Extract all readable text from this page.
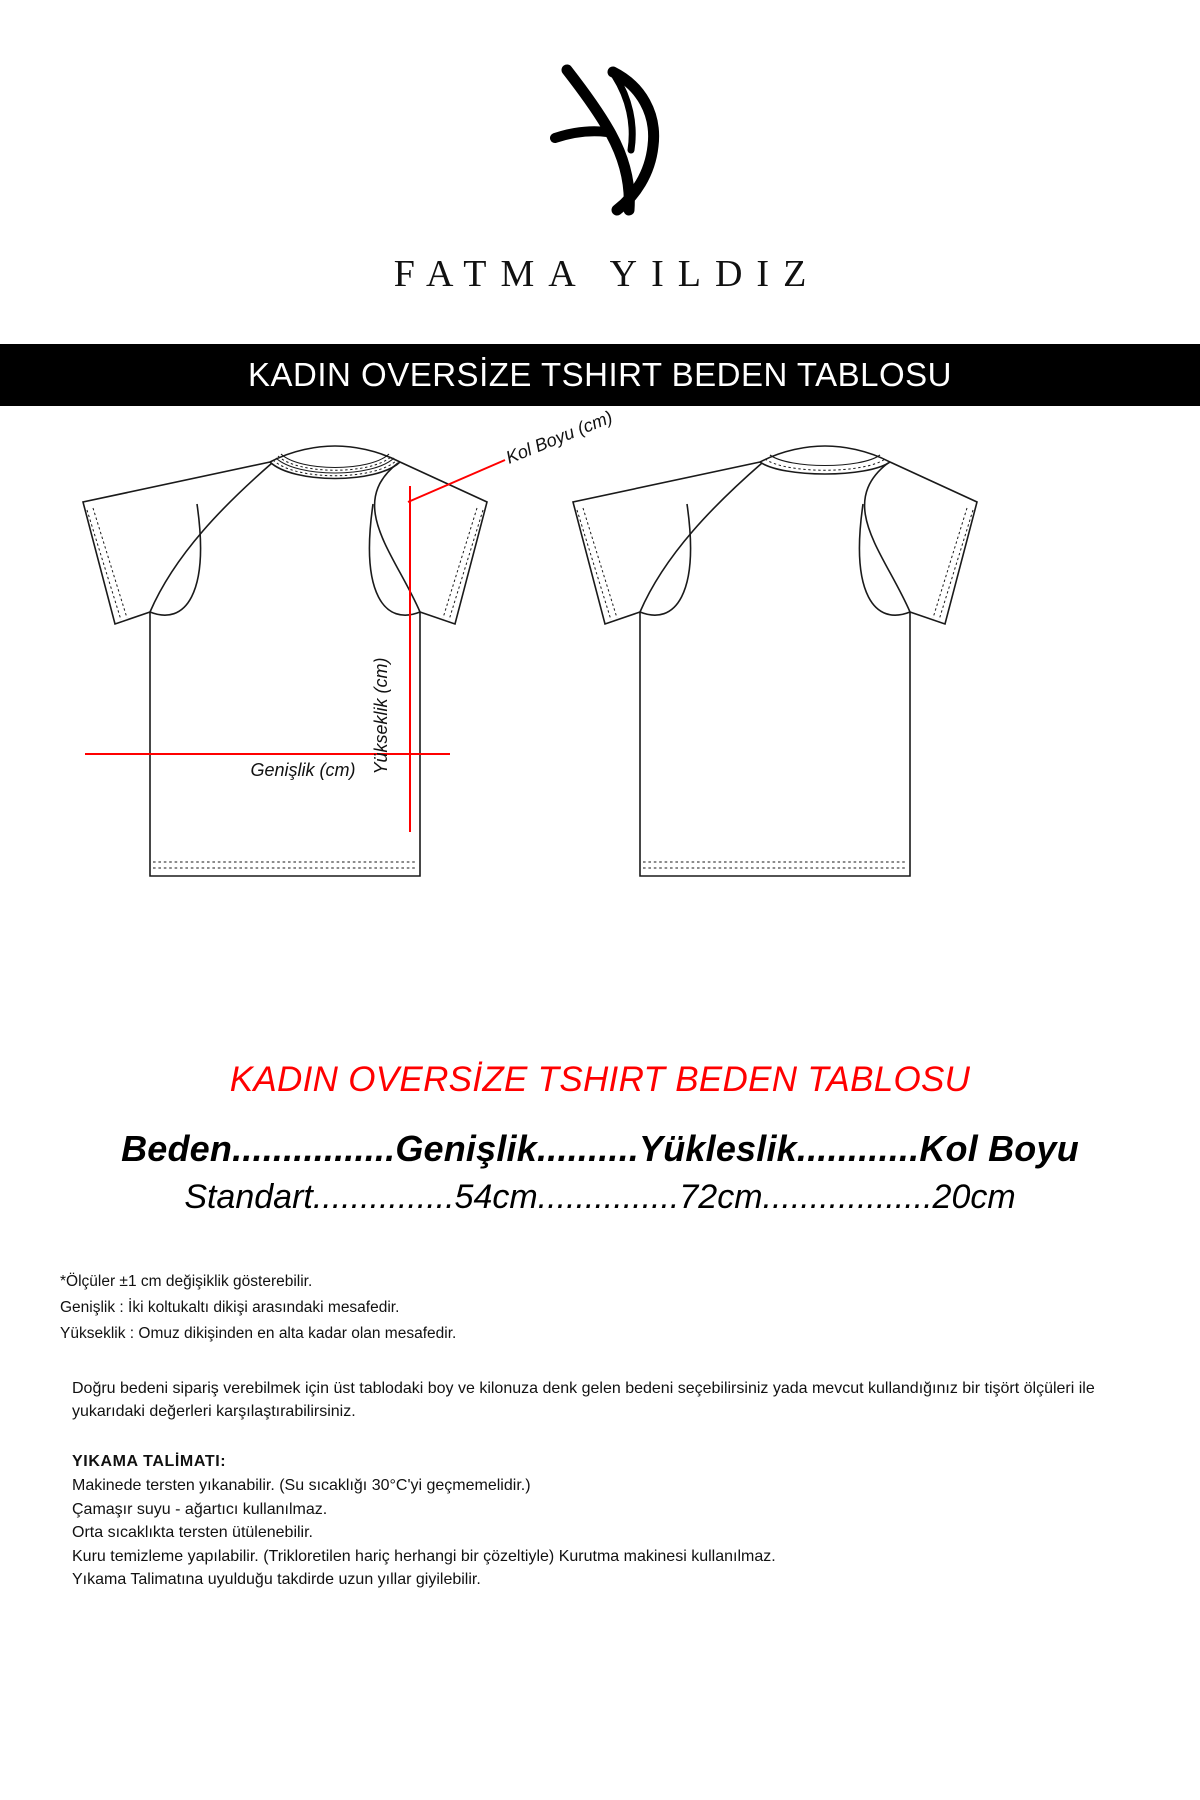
FATMA YILDIZ
KADIN OVERSİZE TSHIRT BEDEN TABLOSU
Kol Boyu (cm)
Yükseklik (cm)
Genişlik (cm)
KADIN OVERSİZE TSHIRT BEDEN TABLOSU
Beden................Genişlik..........Yükleslik............Kol Boyu
Standart...............54cm...............72cm..................20cm
*Ölçüler ±1 cm değişiklik gösterebilir.
Genişlik : İki koltukaltı dikişi arasındaki mesafedir.
Yükseklik : Omuz dikişinden en alta kadar olan mesafedir.
Doğru bedeni sipariş verebilmek için üst tablodaki boy ve kilonuza denk gelen bedeni seçebilirsiniz yada mevcut kullandığınız bir tişört ölçüleri ile yukarıdaki değerleri karşılaştırabilirsiniz.
YIKAMA TALİMATI:
Makinede tersten yıkanabilir. (Su sıcaklığı 30°C'yi geçmemelidir.)
Çamaşır suyu - ağartıcı kullanılmaz.
Orta sıcaklıkta tersten ütülenebilir.
Kuru temizleme yapılabilir. (Trikloretilen hariç herhangi bir çözeltiyle) Kurutma makinesi kullanılmaz.
Yıkama Talimatına uyulduğu takdirde uzun yıllar giyilebilir.
